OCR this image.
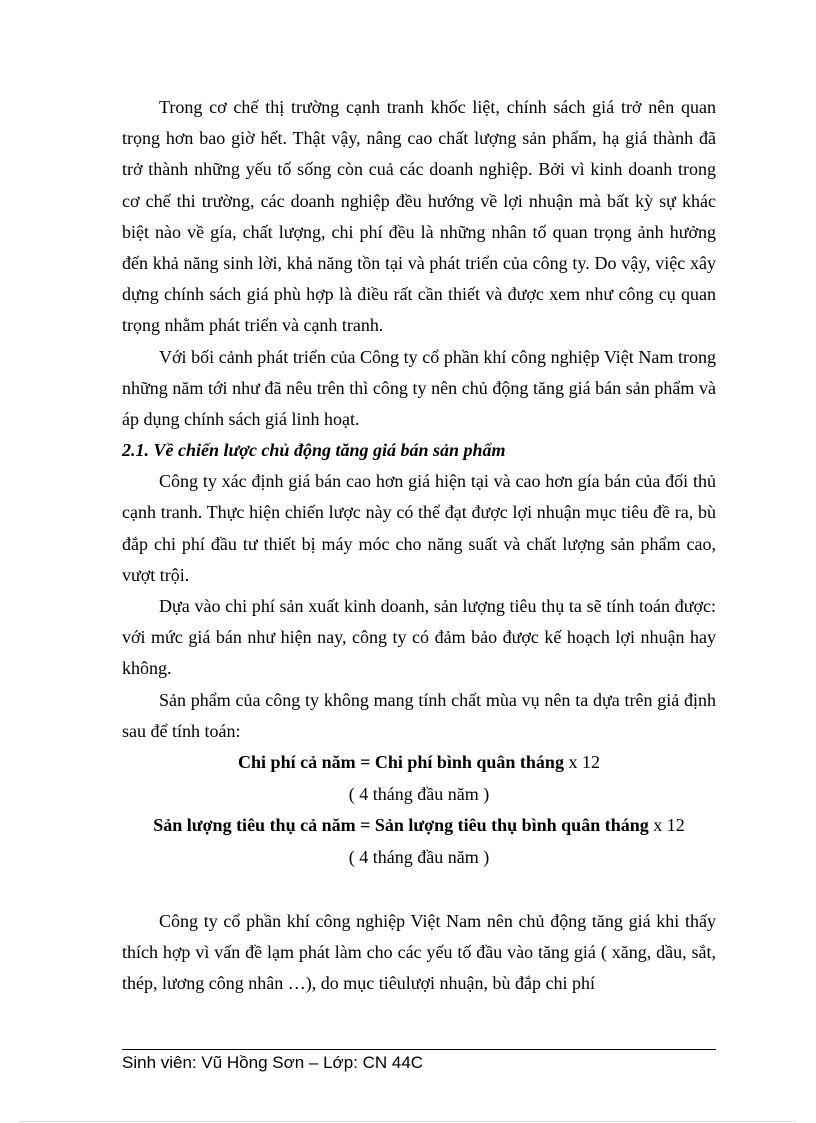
Trong cơ chế thị trường cạnh tranh khốc liệt, chính sách giá trở nên quan trọng hơn bao giờ hết. Thật vậy, nâng cao chất lượng sản phẩm, hạ giá thành đã trở thành những yếu tố sống còn cuả các doanh nghiệp. Bởi vì kinh doanh trong cơ chế thi trường, các doanh nghiệp đều hướng về lợi nhuận mà bất kỳ sự khác biệt nào về gía, chất lượng, chi phí đều là những nhân tố quan trọng ảnh hưởng đến khả năng sinh lời, khả năng tồn tại và phát triển của công ty. Do vậy, việc xây dựng chính sách giá phù hợp là điều rất cần thiết và được xem như công cụ quan trọng nhằm phát triển và cạnh tranh.

Với bối cảnh phát triển của Công ty cổ phần khí công nghiệp Việt Nam trong những năm tới như đã nêu trên thì công ty nên chủ động tăng giá bán sản phẩm và áp dụng chính sách giá linh hoạt.

2.1. Về chiến lược chủ động tăng giá bán sản phẩm

Công ty xác định giá bán cao hơn giá hiện tại và cao hơn gía bán của đối thủ cạnh tranh. Thực hiện chiến lược này có thể đạt được lợi nhuận mục tiêu đề ra, bù đắp chi phí đầu tư thiết bị máy móc cho năng suất và chất lượng sản phẩm cao, vượt trội.

Dựa vào chi phí sản xuất kinh doanh, sản lượng tiêu thụ ta sẽ tính toán được: với mức giá bán như hiện nay, công ty có đảm bảo được kế hoạch lợi nhuận hay không.

Sản phẩm của công ty không mang tính chất mùa vụ nên ta dựa trên giả định sau để tính toán:

Chi phí cả năm = Chi phí bình quân tháng x 12

( 4 tháng đầu năm )

Sản lượng tiêu thụ cả năm = Sản lượng tiêu thụ bình quân tháng x 12

( 4 tháng đầu năm )

Công ty cổ phần khí công nghiệp Việt Nam nên chủ động tăng giá khi thấy thích hợp vì vấn đề lạm phát làm cho các yếu tố đầu vào tăng giá ( xăng, dầu, sắt, thép, lương công nhân …), do mục tiêulượi nhuận, bù đắp chi phí

Sinh viên: Vũ Hồng Sơn – Lớp: CN 44C
